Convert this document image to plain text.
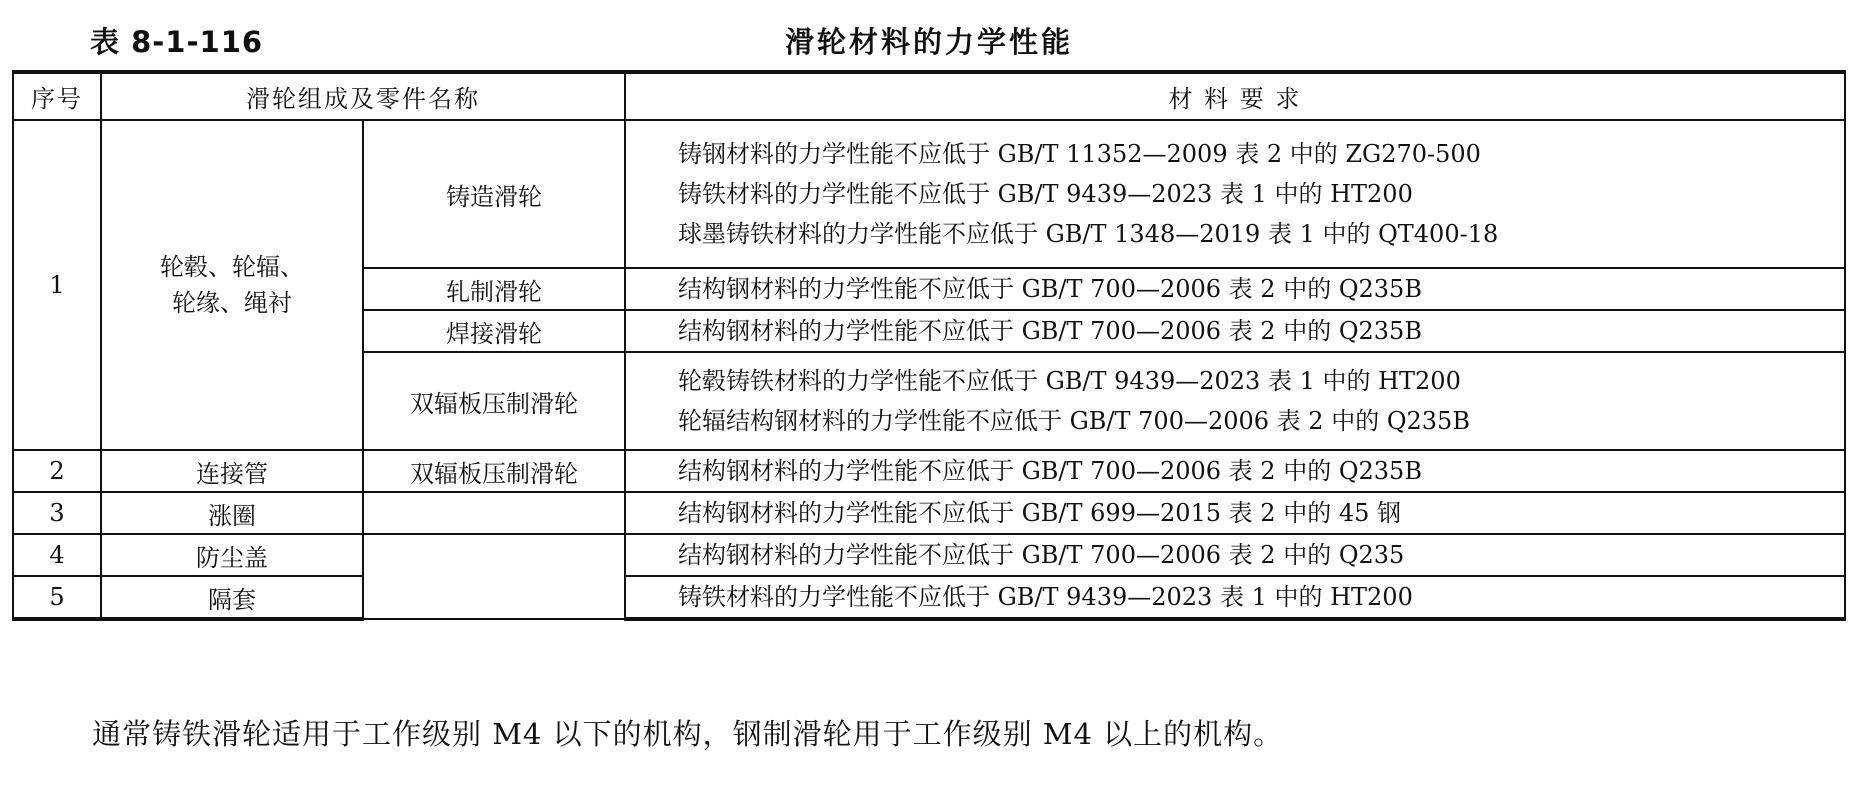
表 8-1-116	滑轮材料的力学性能
序号	滑轮组成及零件名称		材 料 要 求
1	轮毂、轮辐、
轮缘、绳衬	铸造滑轮	铸钢材料的力学性能不应低于 GB/T 11352—2009 表 2 中的 ZG270-500
铸铁材料的力学性能不应低于 GB/T 9439—2023 表 1 中的 HT200
球墨铸铁材料的力学性能不应低于 GB/T 1348—2019 表 1 中的 QT400-18

		轧制滑轮	结构钢材料的力学性能不应低于 GB/T 700—2006 表 2 中的 Q235B

		焊接滑轮	结构钢材料的力学性能不应低于 GB/T 700—2006 表 2 中的 Q235B

		双辐板压制滑轮	轮毂铸铁材料的力学性能不应低于 GB/T 9439—2023 表 1 中的 HT200
轮辐结构钢材料的力学性能不应低于 GB/T 700—2006 表 2 中的 Q235B

2	连接管	双辐板压制滑轮	结构钢材料的力学性能不应低于 GB/T 700—2006 表 2 中的 Q235B
3	涨圈		结构钢材料的力学性能不应低于 GB/T 699—2015 表 2 中的 45 钢
4	防尘盖		结构钢材料的力学性能不应低于 GB/T 700—2006 表 2 中的 Q235
5	隔套		铸铁材料的力学性能不应低于 GB/T 9439—2023 表 1 中的 HT200
通常铸铁滑轮适用于工作级别 M4 以下的机构，钢制滑轮用于工作级别 M4 以上的机构。
